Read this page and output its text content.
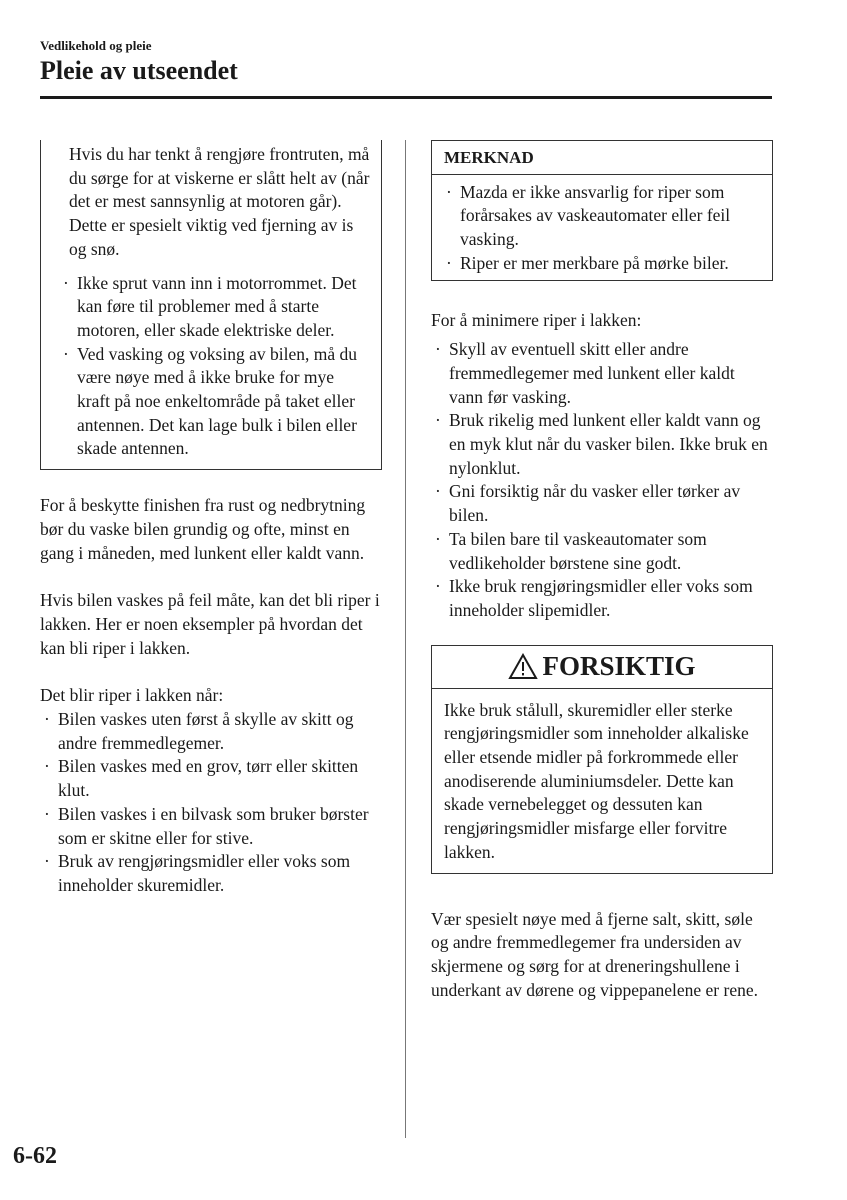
Vedlikehold og pleie
Pleie av utseendet

Hvis du har tenkt å rengjøre frontruten, må du sørge for at viskerne er slått helt av (når det er mest sannsynlig at motoren går). Dette er spesielt viktig ved fjerning av is og snø.

· Ikke sprut vann inn i motorrommet. Det kan føre til problemer med å starte motoren, eller skade elektriske deler.
· Ved vasking og voksing av bilen, må du være nøye med å ikke bruke for mye kraft på noe enkeltområde på taket eller antennen. Det kan lage bulk i bilen eller skade antennen.

For å beskytte finishen fra rust og nedbrytning bør du vaske bilen grundig og ofte, minst en gang i måneden, med lunkent eller kaldt vann.

Hvis bilen vaskes på feil måte, kan det bli riper i lakken. Her er noen eksempler på hvordan det kan bli riper i lakken.

Det blir riper i lakken når:

· Bilen vaskes uten først å skylle av skitt og andre fremmedlegemer.
· Bilen vaskes med en grov, tørr eller skitten klut.
· Bilen vaskes i en bilvask som bruker børster som er skitne eller for stive.
· Bruk av rengjøringsmidler eller voks som inneholder skuremidler.
MERKNAD
· Mazda er ikke ansvarlig for riper som forårsakes av vaskeautomater eller feil vasking.
· Riper er mer merkbare på mørke biler.

For å minimere riper i lakken:

· Skyll av eventuell skitt eller andre fremmedlegemer med lunkent eller kaldt vann før vasking.
· Bruk rikelig med lunkent eller kaldt vann og en myk klut når du vasker bilen. Ikke bruk en nylonklut.
· Gni forsiktig når du vasker eller tørker av bilen.
· Ta bilen bare til vaskeautomater som vedlikeholder børstene sine godt.
· Ikke bruk rengjøringsmidler eller voks som inneholder slipemidler.
FORSIKTIG

Ikke bruk stålull, skuremidler eller sterke rengjøringsmidler som inneholder alkaliske eller etsende midler på forkrommede eller anodiserende aluminiumsdeler. Dette kan skade vernebelegget og dessuten kan rengjøringsmidler misfarge eller forvitre lakken.

Vær spesielt nøye med å fjerne salt, skitt, søle og andre fremmedlegemer fra undersiden av skjermene og sørg for at dreneringshullene i underkant av dørene og vippepanelene er rene.

6-62
